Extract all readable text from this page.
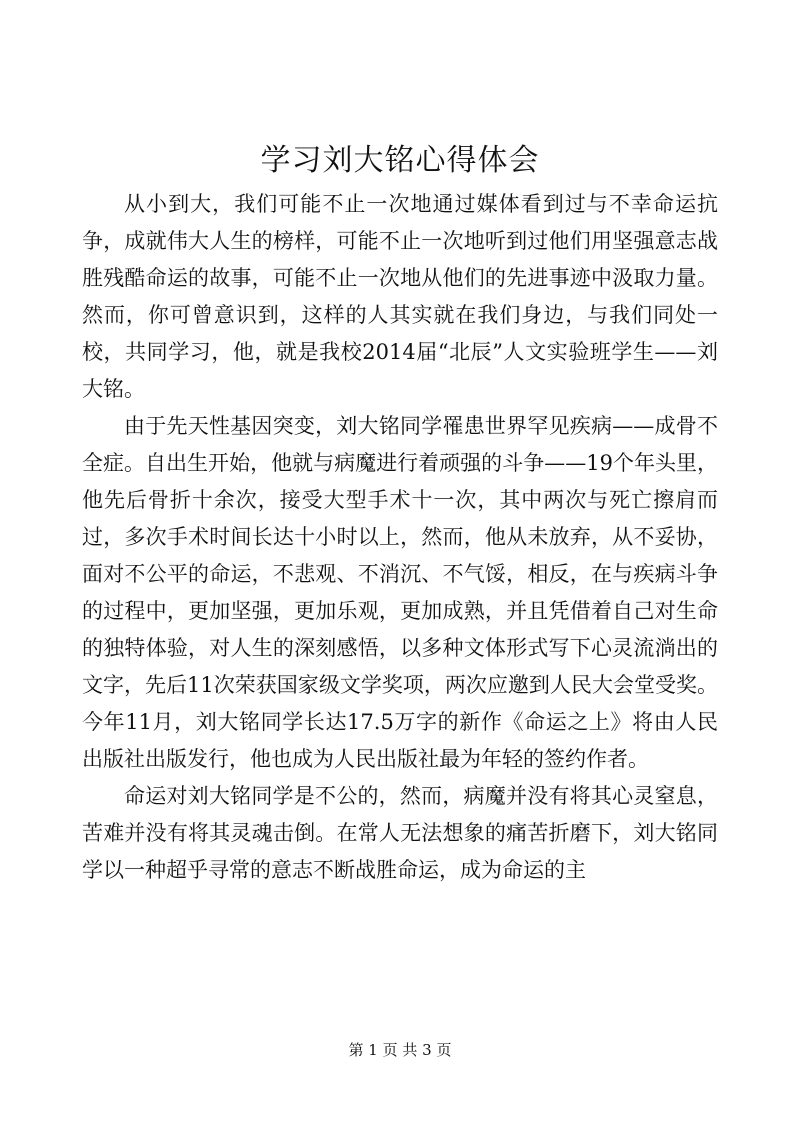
学习刘大铭心得体会

从小到大，我们可能不止一次地通过媒体看到过与不幸命运抗争，成就伟大人生的榜样，可能不止一次地听到过他们用坚强意志战胜残酷命运的故事，可能不止一次地从他们的先进事迹中汲取力量。然而，你可曾意识到，这样的人其实就在我们身边，与我们同处一校，共同学习，他，就是我校2014届“北辰”人文实验班学生——刘大铭。

由于先天性基因突变，刘大铭同学罹患世界罕见疾病——成骨不全症。自出生开始，他就与病魔进行着顽强的斗争——19个年头里，他先后骨折十余次，接受大型手术十一次，其中两次与死亡擦肩而过，多次手术时间长达十小时以上，然而，他从未放弃，从不妥协，面对不公平的命运，不悲观、不消沉、不气馁，相反，在与疾病斗争的过程中，更加坚强，更加乐观，更加成熟，并且凭借着自己对生命的独特体验，对人生的深刻感悟，以多种文体形式写下心灵流淌出的文字，先后11次荣获国家级文学奖项，两次应邀到人民大会堂受奖。今年11月，刘大铭同学长达17.5万字的新作《命运之上》将由人民出版社出版发行，他也成为人民出版社最为年轻的签约作者。

命运对刘大铭同学是不公的，然而，病魔并没有将其心灵窒息，苦难并没有将其灵魂击倒。在常人无法想象的痛苦折磨下，刘大铭同学以一种超乎寻常的意志不断战胜命运，成为命运的主

第 1 页 共 3 页
